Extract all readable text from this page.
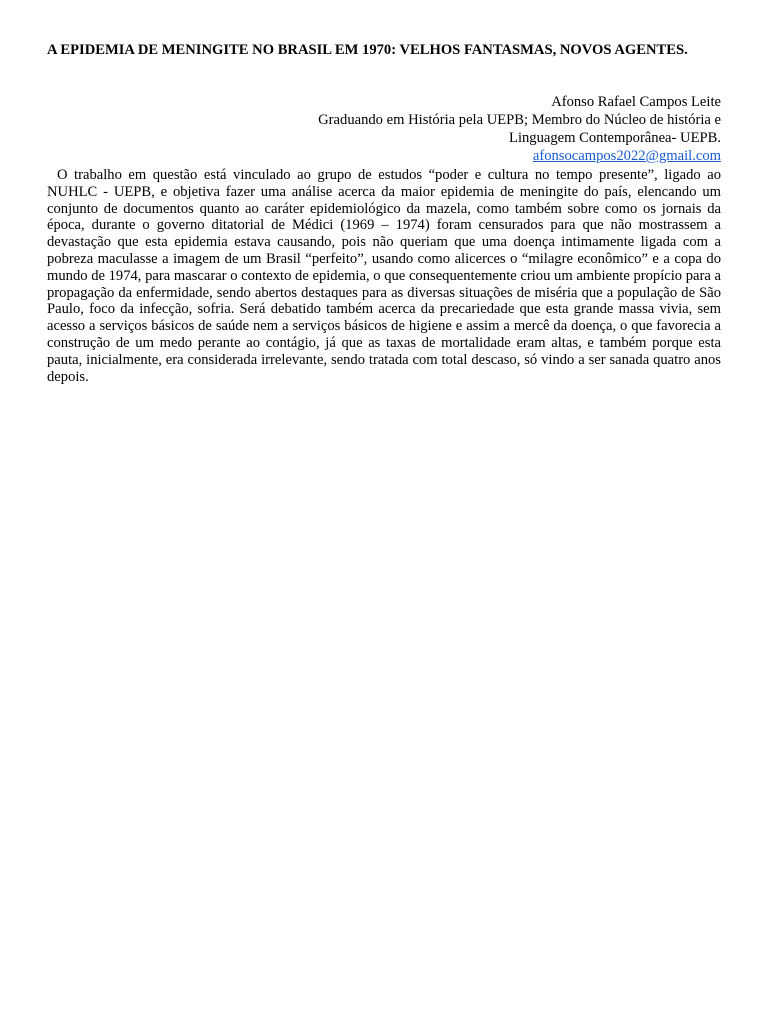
A EPIDEMIA DE MENINGITE NO BRASIL EM 1970: VELHOS FANTASMAS, NOVOS AGENTES.
Afonso Rafael Campos Leite
Graduando em História pela UEPB; Membro do Núcleo de história e
Linguagem Contemporânea- UEPB.
afonsocampos2022@gmail.com

O trabalho em questão está vinculado ao grupo de estudos “poder e cultura no tempo presente”, ligado ao NUHLC - UEPB, e objetiva fazer uma análise acerca da maior epidemia de meningite do país, elencando um conjunto de documentos quanto ao caráter epidemiológico da mazela, como também sobre como os jornais da época, durante o governo ditatorial de Médici (1969 – 1974) foram censurados para que não mostrassem a devastação que esta epidemia estava causando, pois não queriam que uma doença intimamente ligada com a pobreza maculasse a imagem de um Brasil “perfeito”, usando como alicerces o “milagre econômico” e a copa do mundo de 1974, para mascarar o contexto de epidemia, o que consequentemente criou um ambiente propício para a propagação da enfermidade, sendo abertos destaques para as diversas situações de miséria que a população de São Paulo, foco da infecção, sofria. Será debatido também acerca da precariedade que esta grande massa vivia, sem acesso a serviços básicos de saúde nem a serviços básicos de higiene e assim a mercê da doença, o que favorecia a construção de um medo perante ao contágio, já que as taxas de mortalidade eram altas, e também porque esta pauta, inicialmente, era considerada irrelevante, sendo tratada com total descaso, só vindo a ser sanada quatro anos depois.
